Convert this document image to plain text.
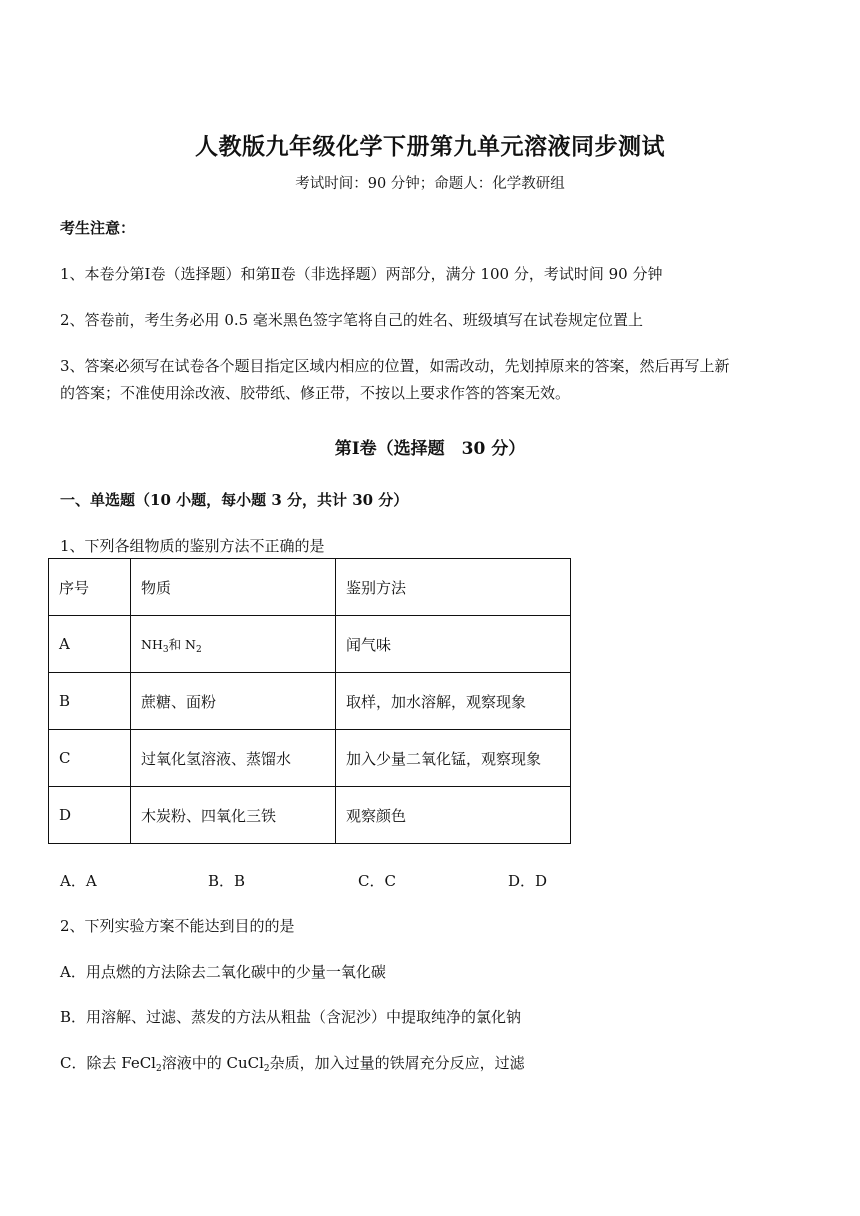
人教版九年级化学下册第九单元溶液同步测试
考试时间：90 分钟；命题人：化学教研组
考生注意：
1、本卷分第Ⅰ卷（选择题）和第Ⅱ卷（非选择题）两部分，满分 100 分，考试时间 90 分钟
2、答卷前，考生务必用 0.5 毫米黑色签字笔将自己的姓名、班级填写在试卷规定位置上
3、答案必须写在试卷各个题目指定区域内相应的位置，如需改动，先划掉原来的答案，然后再写上新
的答案；不准使用涂改液、胶带纸、修正带，不按以上要求作答的答案无效。
第Ⅰ卷（选择题　30 分）
一、单选题（10 小题，每小题 3 分，共计 30 分）
1、下列各组物质的鉴别方法不正确的是
序号	物质	鉴别方法
A	$NH_3$和 $N_2$	闻气味
B	蔗糖、面粉	取样，加水溶解，观察现象
C	过氧化氢溶液、蒸馏水	加入少量二氧化锰，观察现象
D	木炭粉、四氧化三铁	观察颜色
A．A	B．B	C．C	D．D
2、下列实验方案不能达到目的的是
A．用点燃的方法除去二氧化碳中的少量一氧化碳
B．用溶解、过滤、蒸发的方法从粗盐（含泥沙）中提取纯净的氯化钠
C．除去 FeCl$_2$溶液中的 CuCl$_2$杂质，加入过量的铁屑充分反应，过滤
